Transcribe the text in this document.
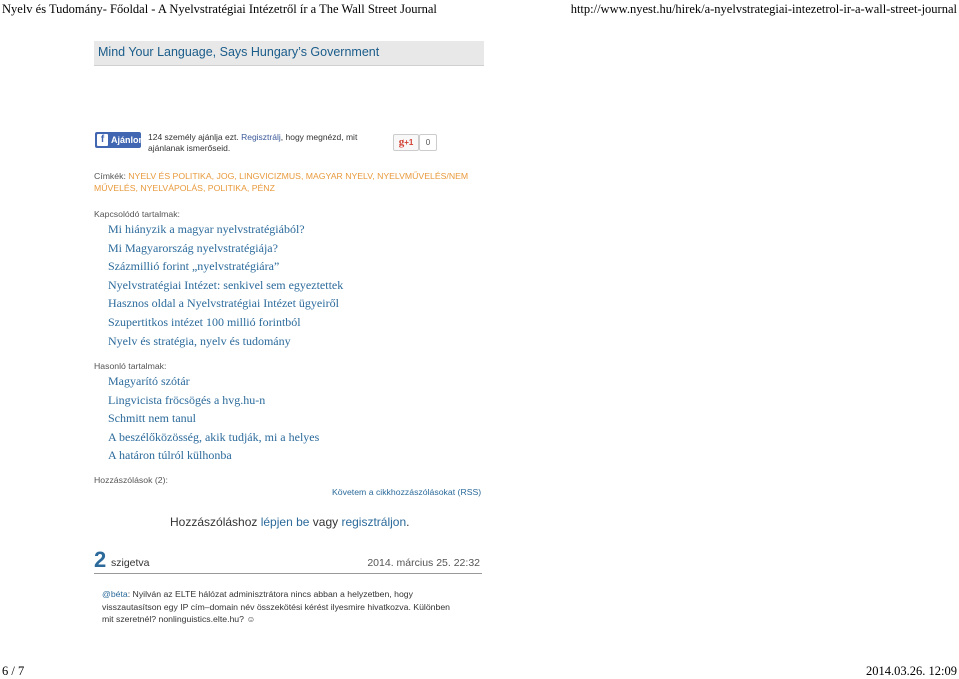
Nyelv és Tudomány- Főoldal - A Nyelvstratégiai Intézetről ír a The Wall Street Journal	http://www.nyest.hu/hirek/a-nyelvstrategiai-intezetrol-ir-a-wall-street-journal
Mind Your Language, Says Hungary’s Government
f Ajánlom 124 személy ajánlja ezt. Regisztrálj, hogy megnézd, mit ajánlanak ismerőseid.	g+1	0
Címkék: NYELV ÉS POLITIKA, JOG, LINGVICIZMUS, MAGYAR NYELV, NYELVMŰVELÉS/NEM MŰVELÉS, NYELVÁPOLÁS, POLITIKA, PÉNZ
Kapcsolódó tartalmak:
Mi hiányzik a magyar nyelvstratégiából?
Mi Magyarország nyelvstratégiája?
Százmillió forint „nyelvstratégiára”
Nyelvstratégiai Intézet: senkivel sem egyeztettek
Hasznos oldal a Nyelvstratégiai Intézet ügyeiről
Szupertitkos intézet 100 millió forintból
Nyelv és stratégia, nyelv és tudomány
Hasonló tartalmak:
Magyarító szótár
Lingvicista fröcsögés a hvg.hu-n
Schmitt nem tanul
A beszélőközösség, akik tudják, mi a helyes
A határon túlról külhonba
Hozzászólások (2):
Követem a cikkhozzászólásokat (RSS)
Hozzászóláshoz lépjen be vagy regisztráljon.
2 szigetva	2014. március 25. 22:32
@béta: Nyilván az ELTE hálózat adminisztrátora nincs abban a helyzetben, hogy visszautasítson egy IP cím–domain név összekötési kérést ilyesmire hivatkozva. Különben mit szeretnél? nonlinguistics.elte.hu? ☺
6 / 7	2014.03.26. 12:09
